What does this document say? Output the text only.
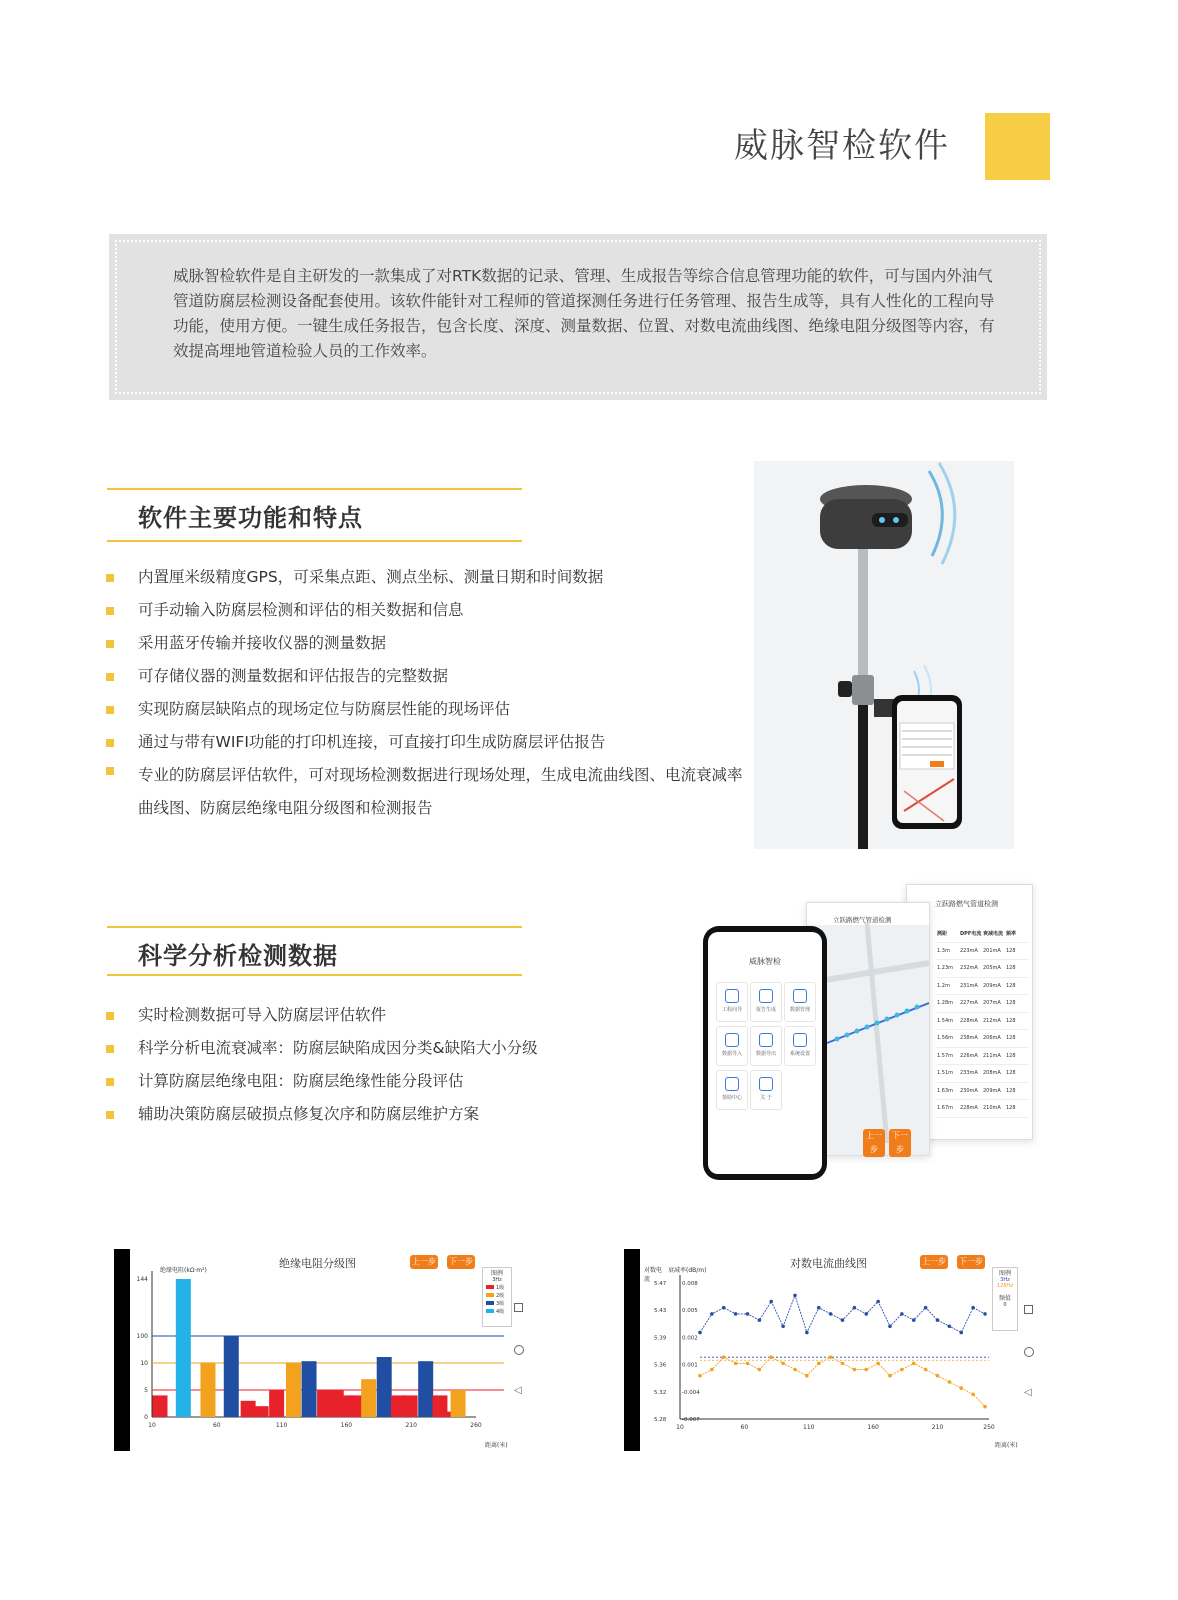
威脉智检软件
威脉智检软件是自主研发的一款集成了对RTK数据的记录、管理、生成报告等综合信息管理功能的软件，可与国内外油气管道防腐层检测设备配套使用。该软件能针对工程师的管道探测任务进行任务管理、报告生成等，具有人性化的工程向导功能，使用方便。一键生成任务报告，包含长度、深度、测量数据、位置、对数电流曲线图、绝缘电阻分级图等内容，有效提高埋地管道检验人员的工作效率。
软件主要功能和特点
内置厘米级精度GPS，可采集点距、测点坐标、测量日期和时间数据
可手动输入防腐层检测和评估的相关数据和信息
采用蓝牙传输并接收仪器的测量数据
可存储仪器的测量数据和评估报告的完整数据
实现防腐层缺陷点的现场定位与防腐层性能的现场评估
通过与带有WIFI功能的打印机连接，可直接打印生成防腐层评估报告
专业的防腐层评估软件，可对现场检测数据进行现场处理，生成电流曲线图、电流衰减率曲线图、防腐层绝缘电阻分级图和检测报告
科学分析检测数据
实时检测数据可导入防腐层评估软件
科学分析电流衰减率：防腐层缺陷成因分类&缺陷大小分级
计算防腐层绝缘电阻：防腐层绝缘性能分段评估
辅助决策防腐层破损点修复次序和防腐层维护方案
立跃路燃气管道检测
测距	DPF电流 衰减电流 频率
1.3m	223mA	201mA	128
1.23m	232mA	205mA	128
1.2m	231mA	209mA	128
1.28m	227mA	207mA	128
1.54m	228mA	212mA	128
1.56m	238mA	206mA	128
1.57m	226mA	211mA	128
1.51m	233mA	208mA	128
1.63m	230mA	209mA	128
1.67m	228mA	210mA	128
立跃路燃气管道检测
上一步
下一步
威脉智检
工程向导	报告生成	数据管理
数据导入	数据导出	系统设置
帮助中心	关 于
0
5
10
100
144
10	60	110	160	210	260
绝缘电阻分级图
绝缘电阻(kΩ·m²)
距离(米)
上一步 下一步
图例
3Hz
1级
2级
3级
4级
◁
5.28	-0.007
5.32	-0.004
5.36	0.001
5.39	0.002
5.43	0.005
5.47	0.008
10	60	110	160	210	250
对数电流曲线图
对数电流
衰减率(dB/m)
距离(米)
上一步 下一步
图例
3Hz
128Hz
频值
0
◁
